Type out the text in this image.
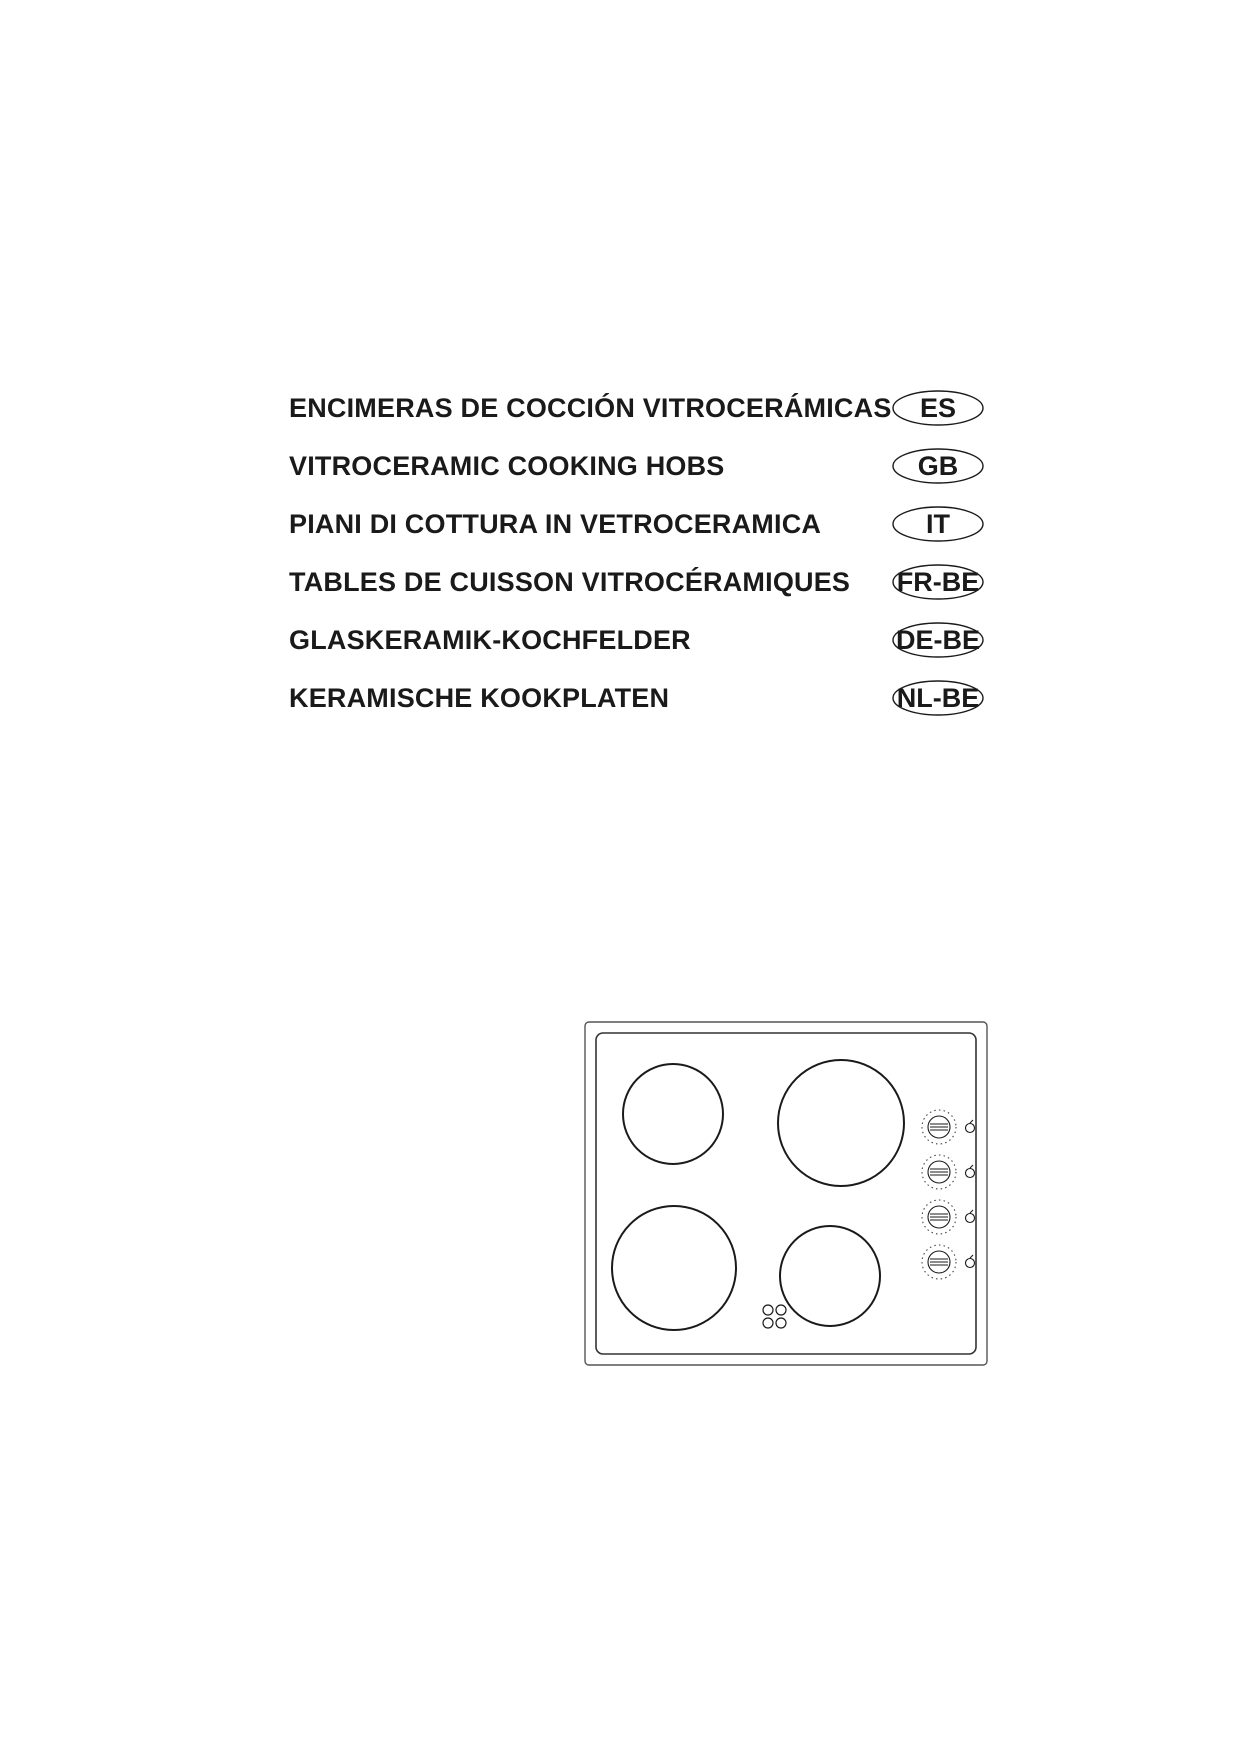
ENCIMERAS DE COCCIÓN VITROCERÁMICAS	ES
VITROCERAMIC COOKING HOBS	GB
PIANI DI COTTURA IN VETROCERAMICA	IT
TABLES DE CUISSON VITROCÉRAMIQUES FR-BE
GLASKERAMIK-KOCHFELDER	DE-BE
KERAMISCHE KOOKPLATEN	NL-BE
